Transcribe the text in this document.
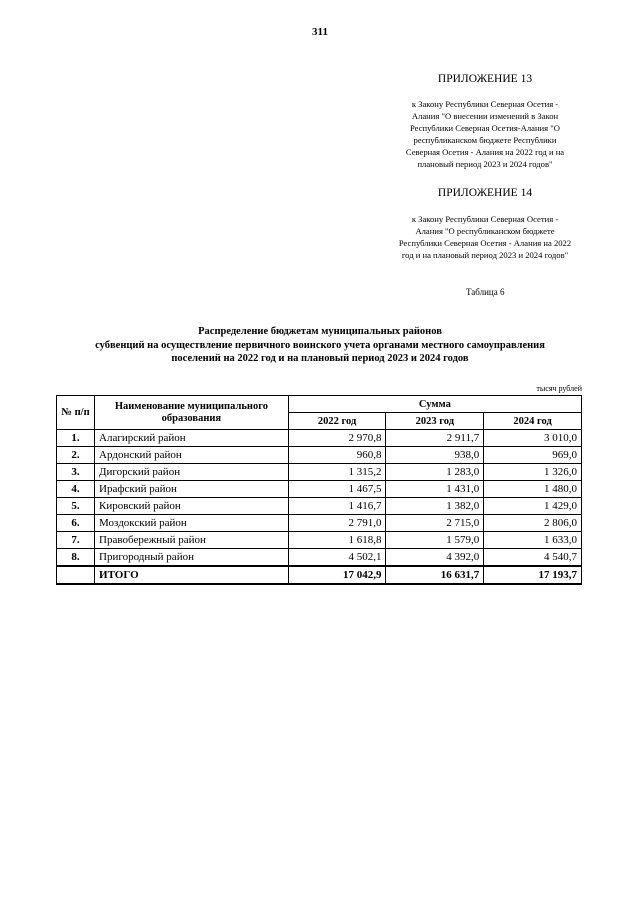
311
ПРИЛОЖЕНИЕ 13
к Закону Республики Северная Осетия -
Алания "О внесении изменений в Закон
Республики Северная Осетия-Алания "О
республиканском бюджете Республики
Северная Осетия - Алания на 2022 год и на
плановый период 2023 и 2024 годов"
ПРИЛОЖЕНИЕ 14
к Закону Республики Северная Осетия -
Алания "О республиканском бюджете
Республики Северная Осетия - Алания на 2022
год и на плановый период 2023 и 2024 годов"
Таблица 6
Распределение бюджетам муниципальных районов
субвенций на осуществление первичного воинского учета органами местного самоуправления
поселений на 2022 год и на плановый период 2023 и 2024 годов
тысяч рублей
№ п/п	Наименование муниципального образования	Сумма		
		2022 год	2023 год	2024 год
1.	Алагирский район	2 970,8	2 911,7	3 010,0
2.	Ардонский район	960,8	938,0	969,0
3.	Дигорский район	1 315,2	1 283,0	1 326,0
4.	Ирафский район	1 467,5	1 431,0	1 480,0
5.	Кировский район	1 416,7	1 382,0	1 429,0
6.	Моздокский район	2 791,0	2 715,0	2 806,0
7.	Правобережный район	1 618,8	1 579,0	1 633,0
8.	Пригородный район	4 502,1	4 392,0	4 540,7
	ИТОГО	17 042,9	16 631,7	17 193,7
